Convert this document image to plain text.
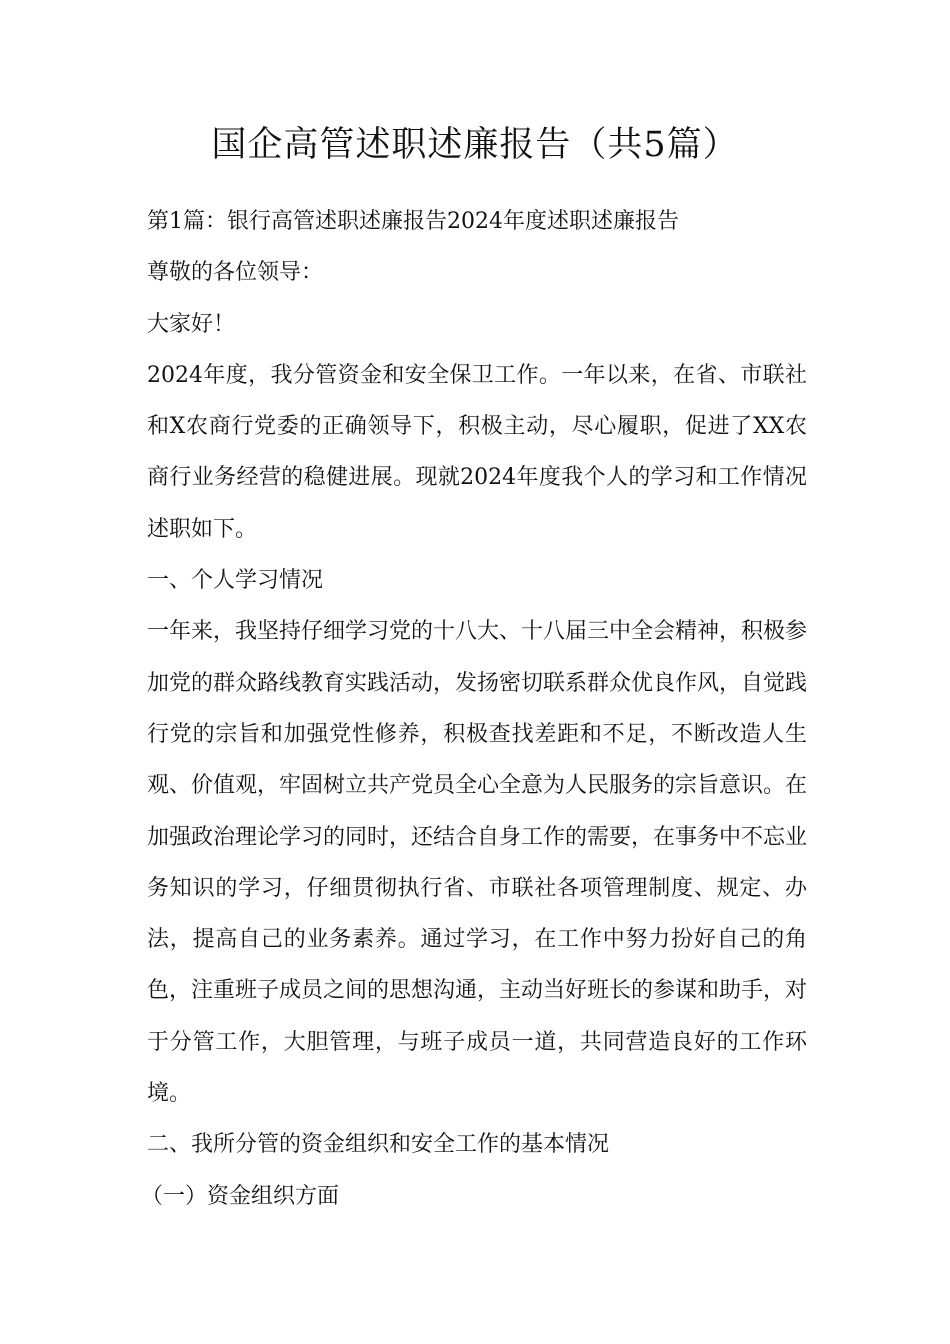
国企高管述职述廉报告（共5篇）

第1篇：银行高管述职述廉报告2024年度述职述廉报告

尊敬的各位领导：

大家好！

2024年度，我分管资金和安全保卫工作。一年以来，在省、市联社和X农商行党委的正确领导下，积极主动，尽心履职，促进了XX农商行业务经营的稳健进展。现就2024年度我个人的学习和工作情况述职如下。

一、个人学习情况

一年来，我坚持仔细学习党的十八大、十八届三中全会精神，积极参加党的群众路线教育实践活动，发扬密切联系群众优良作风，自觉践行党的宗旨和加强党性修养，积极查找差距和不足，不断改造人生观、价值观，牢固树立共产党员全心全意为人民服务的宗旨意识。在加强政治理论学习的同时，还结合自身工作的需要，在事务中不忘业务知识的学习，仔细贯彻执行省、市联社各项管理制度、规定、办法，提高自己的业务素养。通过学习，在工作中努力扮好自己的角色，注重班子成员之间的思想沟通，主动当好班长的参谋和助手，对于分管工作，大胆管理，与班子成员一道，共同营造良好的工作环境。

二、我所分管的资金组织和安全工作的基本情况

（一）资金组织方面
